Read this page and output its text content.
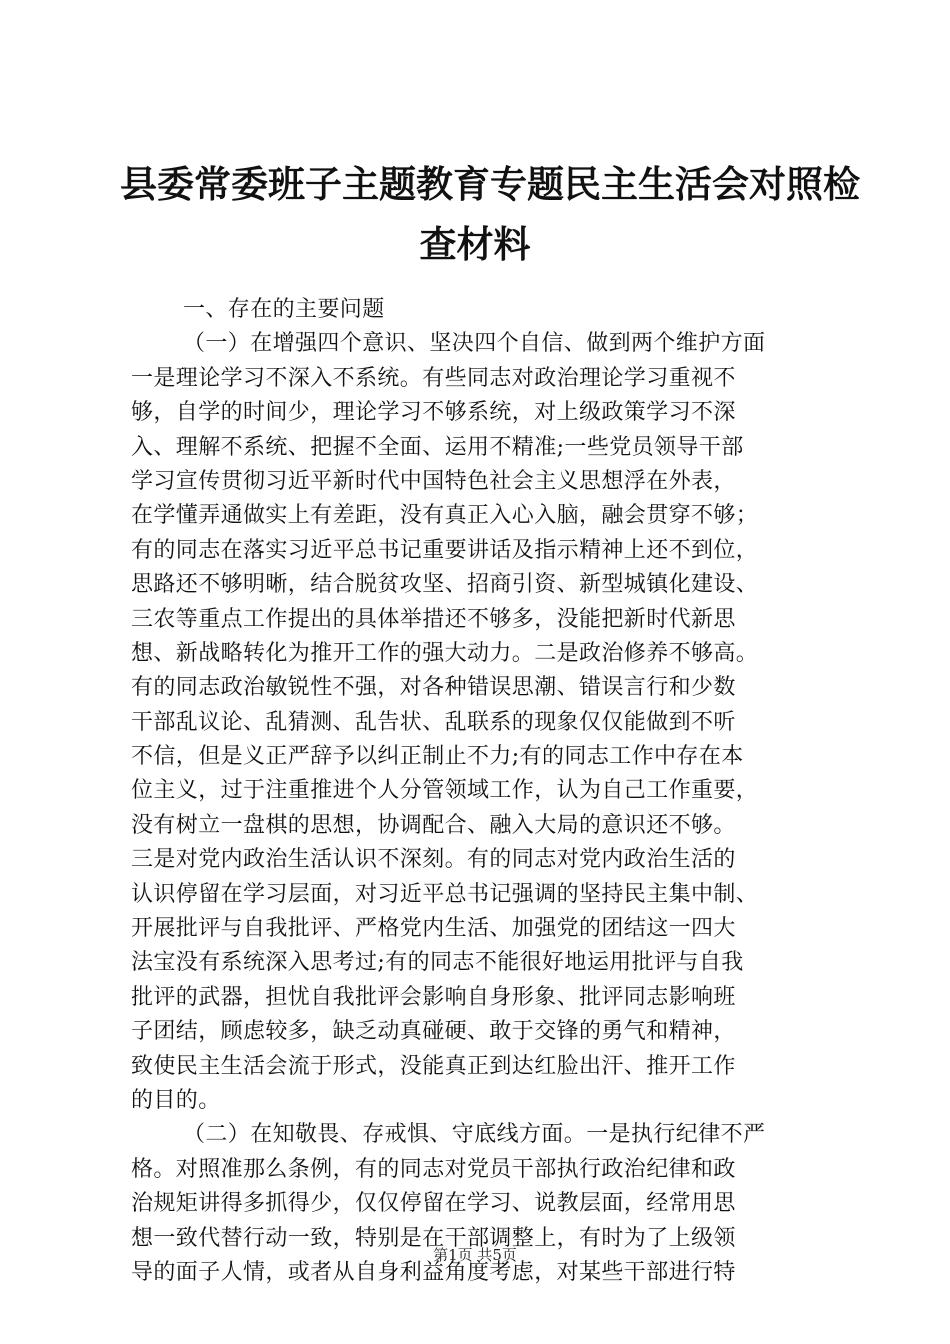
县委常委班子主题教育专题民主生活会对照检
查材料
一、存在的主要问题
（一）在增强四个意识、坚决四个自信、做到两个维护方面
一是理论学习不深入不系统。有些同志对政治理论学习重视不
够，自学的时间少，理论学习不够系统，对上级政策学习不深
入、理解不系统、把握不全面、运用不精准;一些党员领导干部
学习宣传贯彻习近平新时代中国特色社会主义思想浮在外表，
在学懂弄通做实上有差距，没有真正入心入脑，融会贯穿不够；
有的同志在落实习近平总书记重要讲话及指示精神上还不到位，
思路还不够明晰，结合脱贫攻坚、招商引资、新型城镇化建设、
三农等重点工作提出的具体举措还不够多，没能把新时代新思
想、新战略转化为推开工作的强大动力。二是政治修养不够高。
有的同志政治敏锐性不强，对各种错误思潮、错误言行和少数
干部乱议论、乱猜测、乱告状、乱联系的现象仅仅能做到不听
不信，但是义正严辞予以纠正制止不力;有的同志工作中存在本
位主义，过于注重推进个人分管领域工作，认为自己工作重要，
没有树立一盘棋的思想，协调配合、融入大局的意识还不够。
三是对党内政治生活认识不深刻。有的同志对党内政治生活的
认识停留在学习层面，对习近平总书记强调的坚持民主集中制、
开展批评与自我批评、严格党内生活、加强党的团结这一四大
法宝没有系统深入思考过;有的同志不能很好地运用批评与自我
批评的武器，担忧自我批评会影响自身形象、批评同志影响班
子团结，顾虑较多，缺乏动真碰硬、敢于交锋的勇气和精神，
致使民主生活会流于形式，没能真正到达红脸出汗、推开工作
的目的。
（二）在知敬畏、存戒惧、守底线方面。一是执行纪律不严
格。对照准那么条例，有的同志对党员干部执行政治纪律和政
治规矩讲得多抓得少，仅仅停留在学习、说教层面，经常用思
想一致代替行动一致，特别是在干部调整上，有时为了上级领
导的面子人情，或者从自身利益角度考虑，对某些干部进行特
第1页 共5页
